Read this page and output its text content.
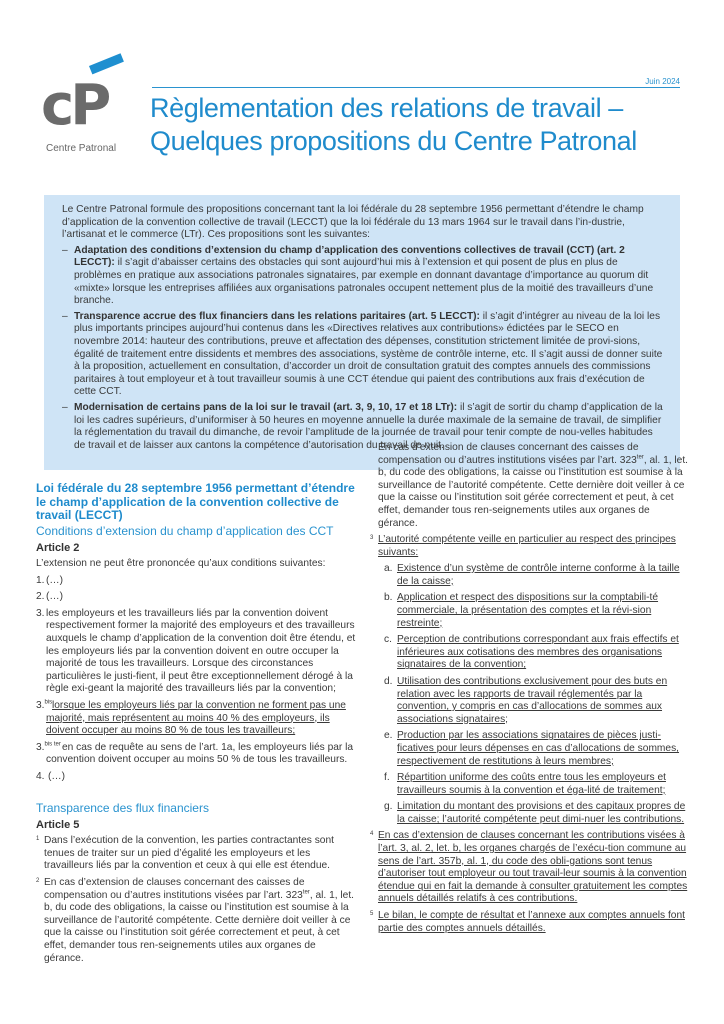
cP
Centre Patronal
Juin 2024
Règlementation des relations de travail –
Quelques propositions du Centre Patronal

Le Centre Patronal formule des propositions concernant tant la loi fédérale du 28 septembre 1956 permettant d’étendre le champ d’application de la convention collective de travail (LECCT) que la loi fédérale du 13 mars 1964 sur le travail dans l’in-dustrie, l’artisanat et le commerce (LTr). Ces propositions sont les suivantes:

– Adaptation des conditions d’extension du champ d’application des conventions collectives de travail (CCT) (art. 2 LECCT): il s’agit d’abaisser certains des obstacles qui sont aujourd’hui mis à l’extension et qui posent de plus en plus de problèmes en pratique aux associations patronales signataires, par exemple en donnant davantage d’importance au quorum dit «mixte» lorsque les entreprises affiliées aux organisations patronales occupent nettement plus de la moitié des travailleurs d’une branche.
– Transparence accrue des flux financiers dans les relations paritaires (art. 5 LECCT): il s’agit d’intégrer au niveau de la loi les plus importants principes aujourd’hui contenus dans les «Directives relatives aux contributions» édictées par le SECO en novembre 2014: hauteur des contributions, preuve et affectation des dépenses, constitution strictement limitée de provi-sions, égalité de traitement entre dissidents et membres des associations, système de contrôle interne, etc. Il s’agit aussi de donner suite à la proposition, actuellement en consultation, d’accorder un droit de consultation gratuit des comptes annuels des commissions paritaires à tout employeur et à tout travailleur soumis à une CCT étendue qui paient des contributions aux frais d’exécution de cette CCT.
– Modernisation de certains pans de la loi sur le travail (art. 3, 9, 10, 17 et 18 LTr): il s’agit de sortir du champ d’application de la loi les cadres supérieurs, d’uniformiser à 50 heures en moyenne annuelle la durée maximale de la semaine de travail, de simplifier la réglementation du travail du dimanche, de revoir l’amplitude de la journée de travail pour tenir compte de nou-velles habitudes de travail et de laisser aux cantons la compétence d’autorisation du travail de nuit.
Loi fédérale du 28 septembre 1956 permettant d’étendre le champ d’application de la convention collective de travail (LECCT)
Conditions d’extension du champ d’application des CCT
Article 2

L’extension ne peut être prononcée qu’aux conditions suivantes:

1. (…)
2. (…)
3. les employeurs et les travailleurs liés par la convention doivent respectivement former la majorité des employeurs et des travailleurs auxquels le champ d’application de la convention doit être étendu, et les employeurs liés par la convention doivent en outre occuper la majorité de tous les travailleurs. Lorsque des circonstances particulières le justi-fient, il peut être exceptionnellement dérogé à la règle exi-geant la majorité des travailleurs liés par la convention;
3.$^{bis}$ lorsque les employeurs liés par la convention ne forment pas une majorité, mais représentent au moins 40 % des employeurs, ils doivent occuper au moins 80 % de tous les travailleurs;
3.$^{bis ter}$ en cas de requête au sens de l’art. 1a, les employeurs liés par la convention doivent occuper au moins 50 % de tous les travailleurs.
4. (…)
Transparence des flux financiers
Article 5
1 Dans l’exécution de la convention, les parties contractantes sont tenues de traiter sur un pied d’égalité les employeurs et les travailleurs liés par la convention et ceux à qui elle est étendue.
2 En cas d’extension de clauses concernant des caisses de compensation ou d’autres institutions visées par l’art. $323^{ter}$, al. 1, let. b, du code des obligations, la caisse ou l’institution est soumise à la surveillance de l’autorité compétente. Cette dernière doit veiller à ce que la caisse ou l’institution soit gérée correctement et peut, à cet effet, demander tous ren-seignements utiles aux organes de gérance.
En cas d’extension de clauses concernant des caisses de compensation ou d’autres institutions visées par l’art. $323^{ter}$, al. 1, let. b, du code des obligations, la caisse ou l’institution est soumise à la surveillance de l’autorité compétente. Cette dernière doit veiller à ce que la caisse ou l’institution soit gérée correctement et peut, à cet effet, demander tous ren-seignements utiles aux organes de gérance.
3 L’autorité compétente veille en particulier au respect des principes suivants:
a. Existence d’un système de contrôle interne conforme à la taille de la caisse;
b. Application et respect des dispositions sur la comptabili-té commerciale, la présentation des comptes et la révi-sion restreinte;
c. Perception de contributions correspondant aux frais effectifs et inférieures aux cotisations des membres des organisations signataires de la convention;
d. Utilisation des contributions exclusivement pour des buts en relation avec les rapports de travail réglementés par la convention, y compris en cas d’allocations de sommes aux associations signataires;
e. Production par les associations signataires de pièces justi-ficatives pour leurs dépenses en cas d’allocations de sommes, respectivement de restitutions à leurs membres;
f. Répartition uniforme des coûts entre tous les employeurs et travailleurs soumis à la convention et éga-lité de traitement;
g. Limitation du montant des provisions et des capitaux propres de la caisse; l’autorité compétente peut dimi-nuer les contributions.
4 En cas d’extension de clauses concernant les contributions visées à l’art. 3, al. 2, let. b, les organes chargés de l’exécu-tion commune au sens de l’art. 357b, al. 1, du code des obli-gations sont tenus d’autoriser tout employeur ou tout travail-leur soumis à la convention étendue qui en fait la demande à consulter gratuitement les comptes annuels détaillés relatifs à ces contributions.
5 Le bilan, le compte de résultat et l’annexe aux comptes annuels font partie des comptes annuels détaillés.
